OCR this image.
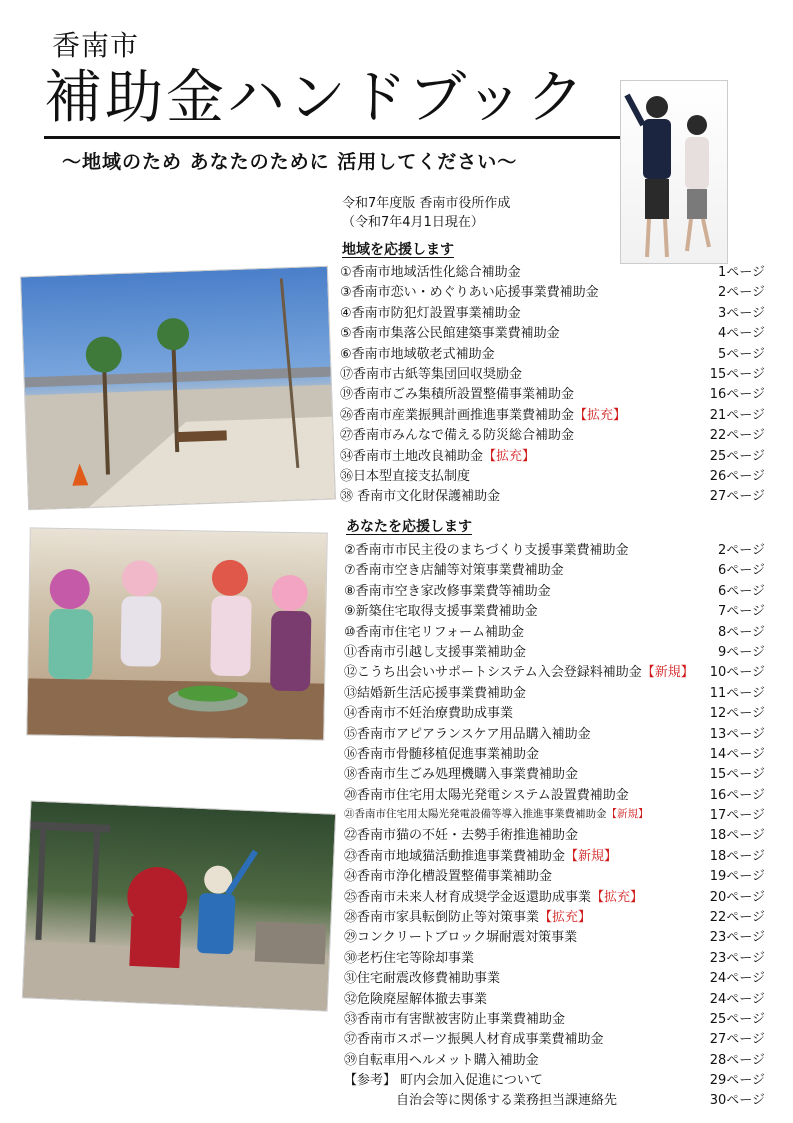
香南市
補助金ハンドブック
～地域のため あなたのために 活用してください～
令和7年度版 香南市役所作成
（令和7年4月1日現在）
地域を応援します
①香南市地域活性化総合補助金	1ページ
③香南市恋い・めぐりあい応援事業費補助金	2ページ
④香南市防犯灯設置事業補助金	3ページ
⑤香南市集落公民館建築事業費補助金	4ページ
⑥香南市地域敬老式補助金	5ページ
⑰香南市古紙等集団回収奨励金	15ページ
⑲香南市ごみ集積所設置整備事業補助金	16ページ
㉖香南市産業振興計画推進事業費補助金【拡充】	21ページ
㉗香南市みんなで備える防災総合補助金	22ページ
㉞香南市土地改良補助金【拡充】	25ページ
㊱日本型直接支払制度	26ページ
㊳ 香南市文化財保護補助金	27ページ
あなたを応援します
②香南市市民主役のまちづくり支援事業費補助金	2ページ
⑦香南市空き店舗等対策事業費補助金	6ページ
⑧香南市空き家改修事業費等補助金	6ページ
⑨新築住宅取得支援事業費補助金	7ページ
⑩香南市住宅リフォーム補助金	8ページ
⑪香南市引越し支援事業補助金	9ページ
⑫こうち出会いサポートシステム入会登録料補助金【新規】 10ページ
⑬結婚新生活応援事業費補助金	11ページ
⑭香南市不妊治療費助成事業	12ページ
⑮香南市アピアランスケア用品購入補助金	13ページ
⑯香南市骨髄移植促進事業補助金	14ページ
⑱香南市生ごみ処理機購入事業費補助金	15ページ
⑳香南市住宅用太陽光発電システム設置費補助金	16ページ
㉑香南市住宅用太陽光発電設備等導入推進事業費補助金【新規】	17ページ
㉒香南市猫の不妊・去勢手術推進補助金	18ページ
㉓香南市地域猫活動推進事業費補助金【新規】	18ページ
㉔香南市浄化槽設置整備事業補助金	19ページ
㉕香南市未来人材育成奨学金返還助成事業【拡充】	20ページ
㉘香南市家具転倒防止等対策事業【拡充】	22ページ
㉙コンクリートブロック塀耐震対策事業	23ページ
㉚老朽住宅等除却事業	23ページ
㉛住宅耐震改修費補助事業	24ページ
㉜危険廃屋解体撤去事業	24ページ
㉝香南市有害獣被害防止事業費補助金	25ページ
㊲香南市スポーツ振興人材育成事業費補助金	27ページ
㊴自転車用ヘルメット購入補助金	28ページ
【参考】 町内会加入促進について	29ページ
自治会等に関係する業務担当課連絡先	30ページ
